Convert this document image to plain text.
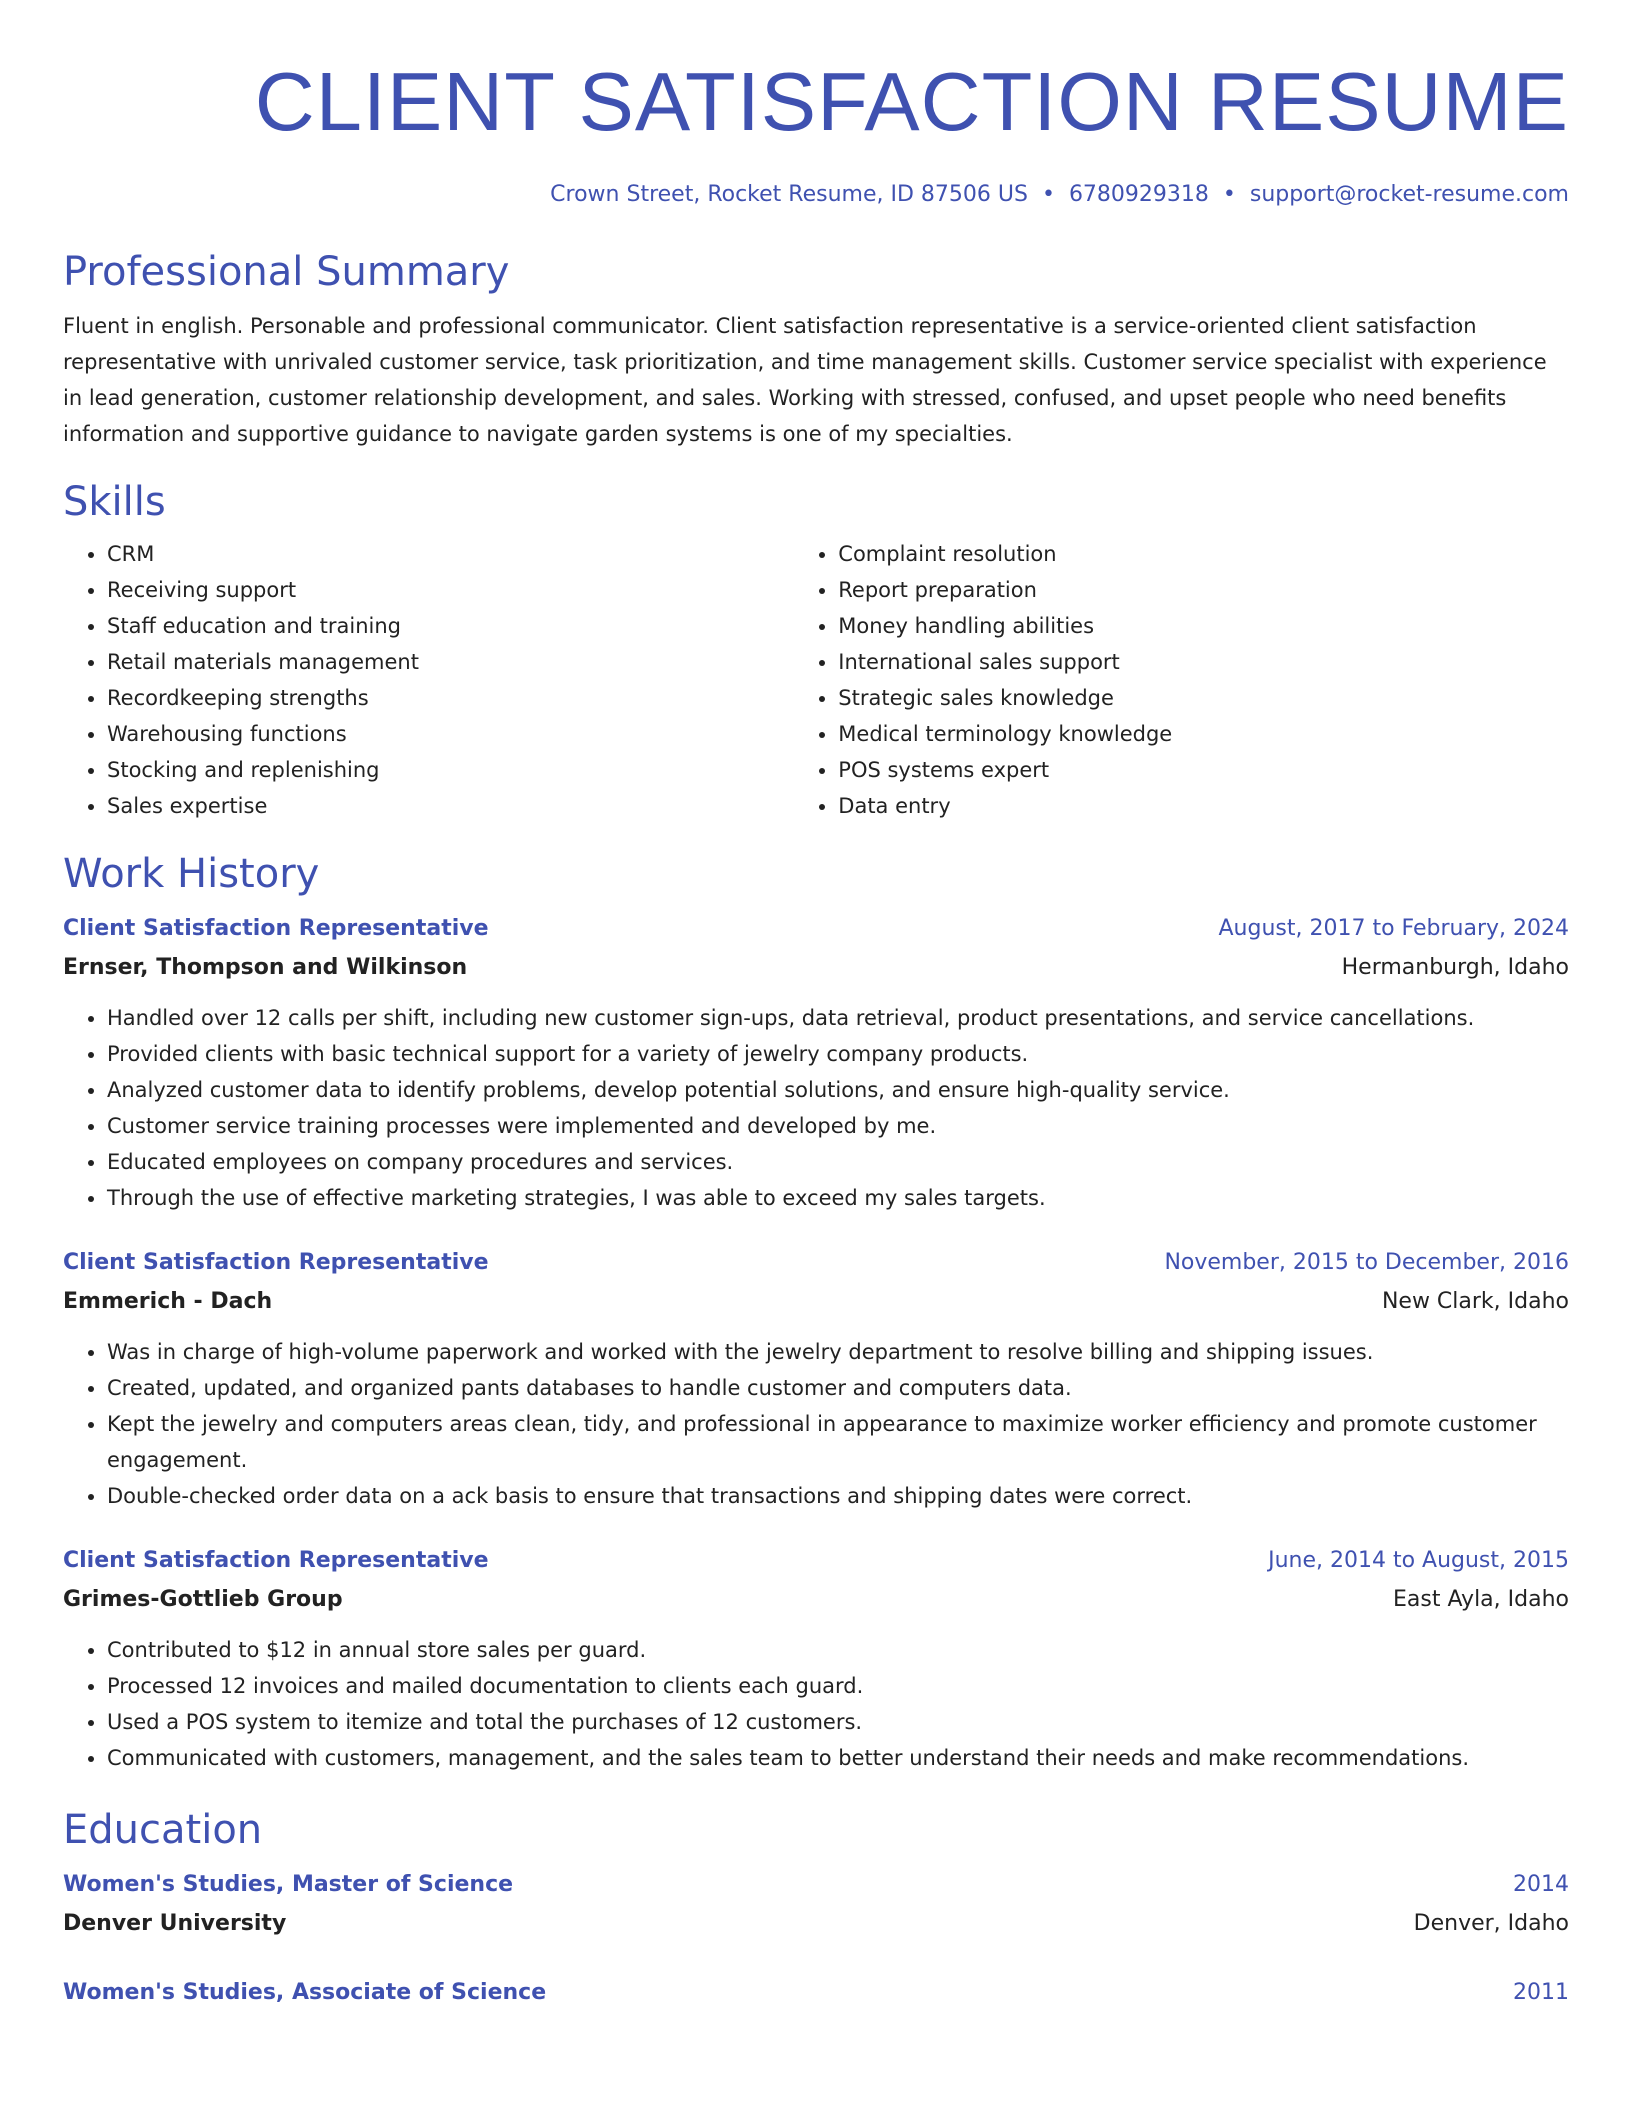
CLIENT SATISFACTION RESUME
Crown Street, Rocket Resume, ID 87506 US • 6780929318 • support@rocket-resume.com
Professional Summary

Fluent in english. Personable and professional communicator. Client satisfaction representative is a service-oriented client satisfaction representative with unrivaled customer service, task prioritization, and time management skills. Customer service specialist with experience in lead generation, customer relationship development, and sales. Working with stressed, confused, and upset people who need benefits information and supportive guidance to navigate garden systems is one of my specialties.

Skills
• CRM
• Receiving support
• Staff education and training
• Retail materials management
• Recordkeeping strengths
• Warehousing functions
• Stocking and replenishing
• Sales expertise
• Complaint resolution
• Report preparation
• Money handling abilities
• International sales support
• Strategic sales knowledge
• Medical terminology knowledge
• POS systems expert
• Data entry
Work History
Client Satisfaction Representative	August, 2017 to February, 2024
Ernser, Thompson and Wilkinson	Hermanburgh, Idaho
• Handled over 12 calls per shift, including new customer sign-ups, data retrieval, product presentations, and service cancellations.
• Provided clients with basic technical support for a variety of jewelry company products.
• Analyzed customer data to identify problems, develop potential solutions, and ensure high-quality service.
• Customer service training processes were implemented and developed by me.
• Educated employees on company procedures and services.
• Through the use of effective marketing strategies, I was able to exceed my sales targets.
Client Satisfaction Representative	November, 2015 to December, 2016
Emmerich - Dach	New Clark, Idaho
• Was in charge of high-volume paperwork and worked with the jewelry department to resolve billing and shipping issues.
• Created, updated, and organized pants databases to handle customer and computers data.
• Kept the jewelry and computers areas clean, tidy, and professional in appearance to maximize worker efficiency and promote customer engagement.
• Double-checked order data on a ack basis to ensure that transactions and shipping dates were correct.
Client Satisfaction Representative	June, 2014 to August, 2015
Grimes-Gottlieb Group	East Ayla, Idaho
• Contributed to $12 in annual store sales per guard.
• Processed 12 invoices and mailed documentation to clients each guard.
• Used a POS system to itemize and total the purchases of 12 customers.
• Communicated with customers, management, and the sales team to better understand their needs and make recommendations.
Education
Women's Studies, Master of Science	2014
Denver University	Denver, Idaho
Women's Studies, Associate of Science	2011
